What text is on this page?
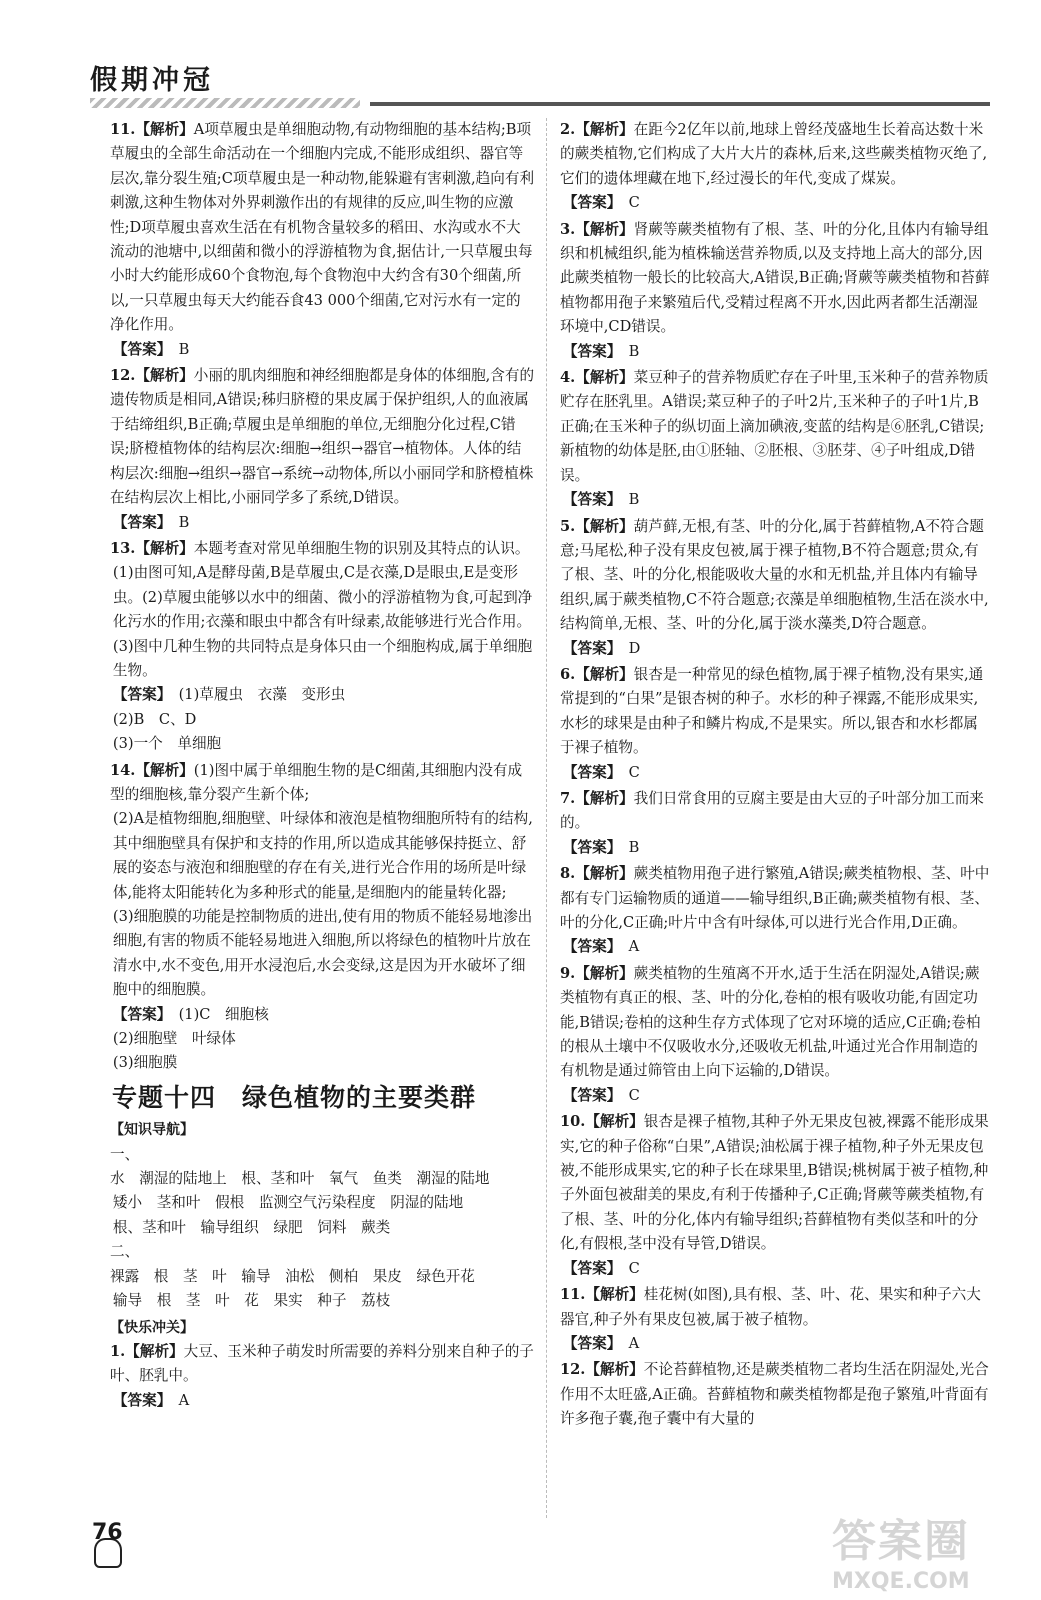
假期冲冠
11.【解析】A项草履虫是单细胞动物,有动物细胞的基本结构;B项草履虫的全部生命活动在一个细胞内完成,不能形成组织、器官等层次,靠分裂生殖;C项草履虫是一种动物,能躲避有害刺激,趋向有利刺激,这种生物体对外界刺激作出的有规律的反应,叫生物的应激性;D项草履虫喜欢生活在有机物含量较多的稻田、水沟或水不大流动的池塘中,以细菌和微小的浮游植物为食,据估计,一只草履虫每小时大约能形成60个食物泡,每个食物泡中大约含有30个细菌,所以,一只草履虫每天大约能吞食43 000个细菌,它对污水有一定的净化作用。
【答案】　 B
12.【解析】小丽的肌肉细胞和神经细胞都是身体的体细胞,含有的遗传物质是相同,A错误;秭归脐橙的果皮属于保护组织,人的血液属于结缔组织,B正确;草履虫是单细胞的单位,无细胞分化过程,C错误;脐橙植物体的结构层次:细胞→组织→器官→植物体。人体的结构层次:细胞→组织→器官→系统→动物体,所以小丽同学和脐橙植株在结构层次上相比,小丽同学多了系统,D错误。
【答案】　 B
13.【解析】本题考查对常见单细胞生物的识别及其特点的认识。
(1)由图可知,A是酵母菌,B是草履虫,C是衣藻,D是眼虫,E是变形虫。(2)草履虫能够以水中的细菌、微小的浮游植物为食,可起到净化污水的作用;衣藻和眼虫中都含有叶绿素,故能够进行光合作用。
(3)图中几种生物的共同特点是身体只由一个细胞构成,属于单细胞生物。
【答案】　 (1)草履虫　衣藻　变形虫
(2)B　C、D
(3)一个　单细胞
14.【解析】(1)图中属于单细胞生物的是C细菌,其细胞内没有成型的细胞核,靠分裂产生新个体;
(2)A是植物细胞,细胞壁、叶绿体和液泡是植物细胞所特有的结构,其中细胞壁具有保护和支持的作用,所以造成其能够保持挺立、舒展的姿态与液泡和细胞壁的存在有关,进行光合作用的场所是叶绿体,能将太阳能转化为多种形式的能量,是细胞内的能量转化器;
(3)细胞膜的功能是控制物质的进出,使有用的物质不能轻易地渗出细胞,有害的物质不能轻易地进入细胞,所以将绿色的植物叶片放在清水中,水不变色,用开水浸泡后,水会变绿,这是因为开水破坏了细胞中的细胞膜。
【答案】　 (1)C　细胞核
(2)细胞壁　叶绿体
(3)细胞膜
专题十四　绿色植物的主要类群
【知识导航】
一、
水　潮湿的陆地上　根、茎和叶　氧气　鱼类　潮湿的陆地
矮小　茎和叶　假根　监测空气污染程度　阴湿的陆地
根、茎和叶　输导组织　绿肥　饲料　蕨类
二、
裸露　根　茎　叶　输导　油松　侧柏　果皮　绿色开花
输导　根　茎　叶　花　果实　种子　荔枝
【快乐冲关】
1.【解析】大豆、玉米种子萌发时所需要的养料分别来自种子的子叶、胚乳中。
【答案】　 A
2.【解析】在距今2亿年以前,地球上曾经茂盛地生长着高达数十米的蕨类植物,它们构成了大片大片的森林,后来,这些蕨类植物灭绝了,它们的遗体埋藏在地下,经过漫长的年代,变成了煤炭。
【答案】　 C
3.【解析】肾蕨等蕨类植物有了根、茎、叶的分化,且体内有输导组织和机械组织,能为植株输送营养物质,以及支持地上高大的部分,因此蕨类植物一般长的比较高大,A错误,B正确;肾蕨等蕨类植物和苔藓植物都用孢子来繁殖后代,受精过程离不开水,因此两者都生活潮湿环境中,CD错误。
【答案】　 B
4.【解析】菜豆种子的营养物质贮存在子叶里,玉米种子的营养物质贮存在胚乳里。A错误;菜豆种子的子叶2片,玉米种子的子叶1片,B正确;在玉米种子的纵切面上滴加碘液,变蓝的结构是⑥胚乳,C错误;新植物的幼体是胚,由①胚轴、②胚根、③胚芽、④子叶组成,D错误。
【答案】　 B
5.【解析】葫芦藓,无根,有茎、叶的分化,属于苔藓植物,A不符合题意;马尾松,种子没有果皮包被,属于裸子植物,B不符合题意;贯众,有了根、茎、叶的分化,根能吸收大量的水和无机盐,并且体内有输导组织,属于蕨类植物,C不符合题意;衣藻是单细胞植物,生活在淡水中,结构简单,无根、茎、叶的分化,属于淡水藻类,D符合题意。
【答案】　 D
6.【解析】银杏是一种常见的绿色植物,属于裸子植物,没有果实,通常提到的“白果”是银杏树的种子。水杉的种子裸露,不能形成果实,水杉的球果是由种子和鳞片构成,不是果实。所以,银杏和水杉都属于裸子植物。
【答案】　 C
7.【解析】我们日常食用的豆腐主要是由大豆的子叶部分加工而来的。
【答案】　 B
8.【解析】蕨类植物用孢子进行繁殖,A错误;蕨类植物根、茎、叶中都有专门运输物质的通道——输导组织,B正确;蕨类植物有根、茎、叶的分化,C正确;叶片中含有叶绿体,可以进行光合作用,D正确。
【答案】　 A
9.【解析】蕨类植物的生殖离不开水,适于生活在阴湿处,A错误;蕨类植物有真正的根、茎、叶的分化,卷柏的根有吸收功能,有固定功能,B错误;卷柏的这种生存方式体现了它对环境的适应,C正确;卷柏的根从土壤中不仅吸收水分,还吸收无机盐,叶通过光合作用制造的有机物是通过筛管由上向下运输的,D错误。
【答案】　 C
10.【解析】银杏是裸子植物,其种子外无果皮包被,裸露不能形成果实,它的种子俗称“白果”,A错误;油松属于裸子植物,种子外无果皮包被,不能形成果实,它的种子长在球果里,B错误;桃树属于被子植物,种子外面包被甜美的果皮,有利于传播种子,C正确;肾蕨等蕨类植物,有了根、茎、叶的分化,体内有输导组织;苔藓植物有类似茎和叶的分化,有假根,茎中没有导管,D错误。
【答案】　 C
11.【解析】桂花树(如图),具有根、茎、叶、花、果实和种子六大器官,种子外有果皮包被,属于被子植物。
【答案】　 A
12.【解析】不论苔藓植物,还是蕨类植物二者均生活在阴湿处,光合作用不太旺盛,A正确。苔藓植物和蕨类植物都是孢子繁殖,叶背面有许多孢子囊,孢子囊中有大量的
76	答案圈
MXQE.COM
